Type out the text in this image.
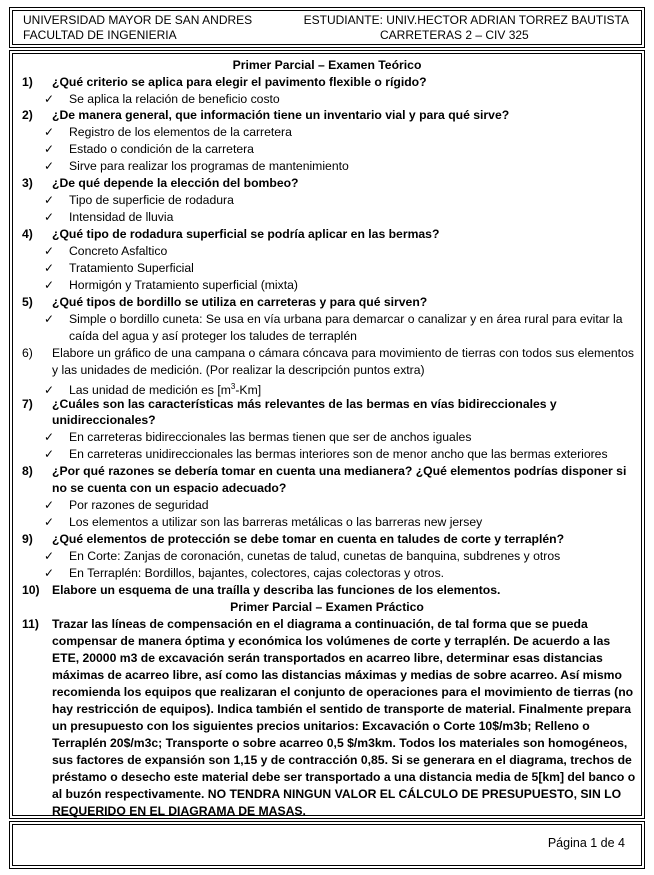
UNIVERSIDAD MAYOR DE SAN ANDRES
FACULTAD DE INGENIERIA
ESTUDIANTE: UNIV.HECTOR ADRIAN TORREZ BAUTISTA
CARRETERAS 2 – CIV 325
Primer Parcial – Examen Teórico
1) ¿Qué criterio se aplica para elegir el pavimento flexible o rígido?
✓ Se aplica la relación de beneficio costo
2) ¿De manera general, que información tiene un inventario vial y para qué sirve?
✓ Registro de los elementos de la carretera
✓ Estado o condición de la carretera
✓ Sirve para realizar los programas de mantenimiento
3) ¿De qué depende la elección del bombeo?
✓ Tipo de superficie de rodadura
✓ Intensidad de lluvia
4) ¿Qué tipo de rodadura superficial se podría aplicar en las bermas?
✓ Concreto Asfaltico
✓ Tratamiento Superficial
✓ Hormigón y Tratamiento superficial (mixta)
5) ¿Qué tipos de bordillo se utiliza en carreteras y para qué sirven?
✓ Simple o bordillo cuneta: Se usa en vía urbana para demarcar o canalizar y en área rural para evitar la
caída del agua y así proteger los taludes de terraplén
6) Elabore un gráfico de una campana o cámara cóncava para movimiento de tierras con todos sus elementos
y las unidades de medición. (Por realizar la descripción puntos extra)
✓ Las unidad de medición es $[m^3-Km]$
7) ¿Cuáles son las características más relevantes de las bermas en vías bidireccionales y
unidireccionales?
✓ En carreteras bidireccionales las bermas tienen que ser de anchos iguales
✓ En carreteras unidireccionales las bermas interiores son de menor ancho que las bermas exteriores
8) ¿Por qué razones se debería tomar en cuenta una medianera? ¿Qué elementos podrías disponer si
no se cuenta con un espacio adecuado?
✓ Por razones de seguridad
✓ Los elementos a utilizar son las barreras metálicas o las barreras new jersey
9) ¿Qué elementos de protección se debe tomar en cuenta en taludes de corte y terraplén?
✓ En Corte: Zanjas de coronación, cunetas de talud, cunetas de banquina, subdrenes y otros
✓ En Terraplén: Bordillos, bajantes, colectores, cajas colectoras y otros.
10) Elabore un esquema de una traílla y describa las funciones de los elementos.
Primer Parcial – Examen Práctico
11)	Trazar las líneas de compensación en el diagrama a continuación, de tal forma que se pueda
compensar de manera óptima y económica los volúmenes de corte y terraplén. De acuerdo a las
ETE, 20000 m3 de excavación serán transportados en acarreo libre, determinar esas distancias
máximas de acarreo libre, así como las distancias máximas y medias de sobre acarreo. Así mismo
recomienda los equipos que realizaran el conjunto de operaciones para el movimiento de tierras (no
hay restricción de equipos). Indica también el sentido de transporte de material. Finalmente prepara
un presupuesto con los siguientes precios unitarios: Excavación o Corte 10$/m3b; Relleno o
Terraplén 20$/m3c; Transporte o sobre acarreo 0,5 $/m3km. Todos los materiales son homogéneos,
sus factores de expansión son 1,15 y de contracción 0,85. Si se generara en el diagrama, trechos de
préstamo o desecho este material debe ser transportado a una distancia media de 5[km] del banco o
al buzón respectivamente. NO TENDRA NINGUN VALOR EL CÁLCULO DE PRESUPUESTO, SIN LO
REQUERIDO EN EL DIAGRAMA DE MASAS.
Página 1 de 4
